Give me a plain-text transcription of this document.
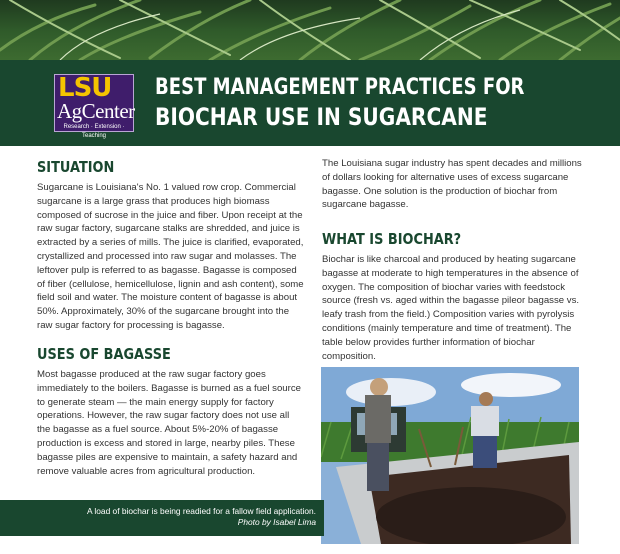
LSU
AgCenter
Research · Extension · Teaching
BEST MANAGEMENT PRACTICES FOR
BIOCHAR USE IN SUGARCANE
SITUATION

Sugarcane is Louisiana's No. 1 valued row crop. Commercial sugarcane is a large grass that produces high biomass composed of sucrose in the juice and fiber. Upon receipt at the raw sugar factory, sugarcane stalks are shredded, and juice is extracted by a series of mills. The juice is clarified, evaporated, crystallized and processed into raw sugar and molasses. The leftover pulp is referred to as bagasse. Bagasse is composed of fiber (cellulose, hemicellulose, lignin and ash content), some field soil and water. The moisture content of bagasse is about 50%. Approximately, 30% of the sugarcane brought into the raw sugar factory for processing is bagasse.

USES OF BAGASSE

Most bagasse produced at the raw sugar factory goes immediately to the boilers. Bagasse is burned as a fuel source to generate steam — the main energy supply for factory operations. However, the raw sugar factory does not use all the bagasse as a fuel source. About 5%-20% of bagasse production is excess and stored in large, nearby piles. These bagasse piles are expensive to maintain, a safety hazard and remove valuable acres from agricultural production.

The Louisiana sugar industry has spent decades and millions of dollars looking for alternative uses of excess sugarcane bagasse. One solution is the production of biochar from sugarcane bagasse.

WHAT IS BIOCHAR?

Biochar is like charcoal and produced by heating sugarcane bagasse at moderate to high temperatures in the absence of oxygen. The composition of biochar varies with feedstock source (fresh vs. aged within the bagasse pileor bagasse vs. leafy trash from the field.) Composition varies with pyrolysis conditions (mainly temperature and time of treatment). The table below provides further information of biochar composition.

A load of biochar is being readied for a fallow field application.
Photo by Isabel Lima
